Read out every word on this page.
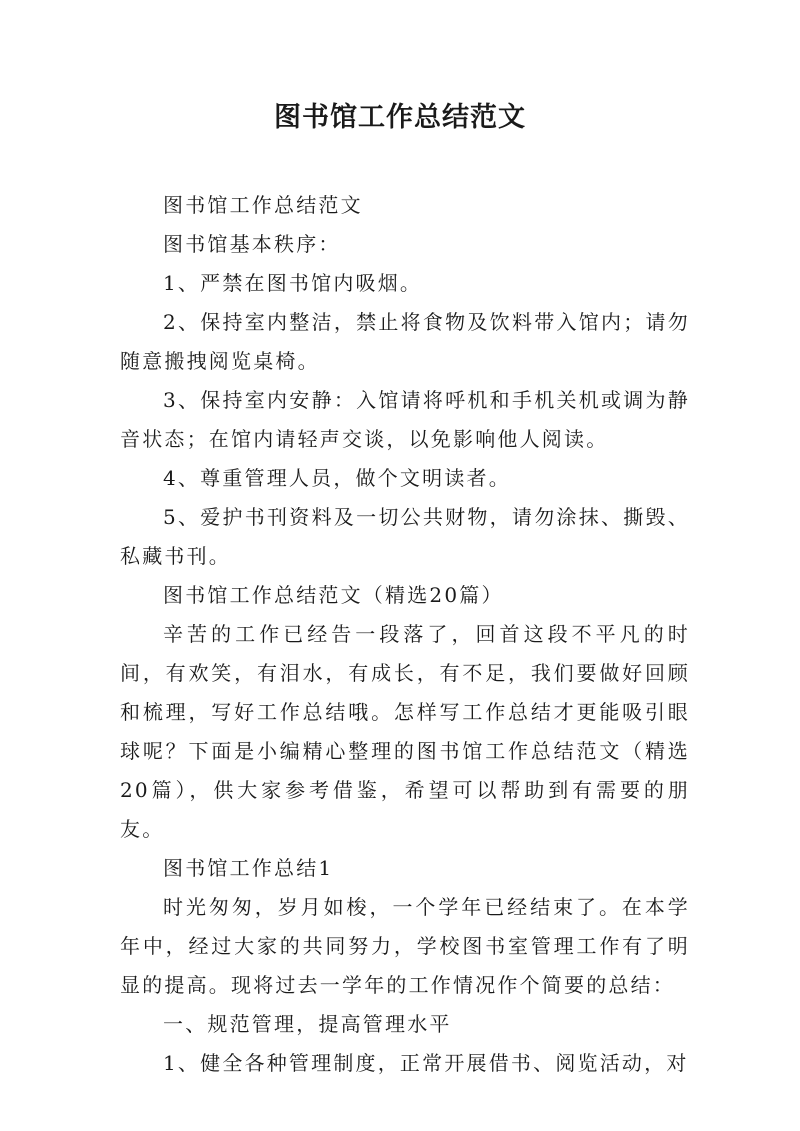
图书馆工作总结范文

图书馆工作总结范文

图书馆基本秩序：

1、严禁在图书馆内吸烟。

2、保持室内整洁，禁止将食物及饮料带入馆内；请勿随意搬拽阅览桌椅。

3、保持室内安静：入馆请将呼机和手机关机或调为静音状态；在馆内请轻声交谈，以免影响他人阅读。

4、尊重管理人员，做个文明读者。

5、爱护书刊资料及一切公共财物，请勿涂抹、撕毁、私藏书刊。

图书馆工作总结范文（精选20篇）

辛苦的工作已经告一段落了，回首这段不平凡的时间，有欢笑，有泪水，有成长，有不足，我们要做好回顾和梳理，写好工作总结哦。怎样写工作总结才更能吸引眼球呢？下面是小编精心整理的图书馆工作总结范文（精选20篇），供大家参考借鉴，希望可以帮助到有需要的朋友。

图书馆工作总结1

时光匆匆，岁月如梭，一个学年已经结束了。在本学年中，经过大家的共同努力，学校图书室管理工作有了明显的提高。现将过去一学年的工作情况作个简要的总结：

一、规范管理，提高管理水平

1、健全各种管理制度，正常开展借书、阅览活动，对
